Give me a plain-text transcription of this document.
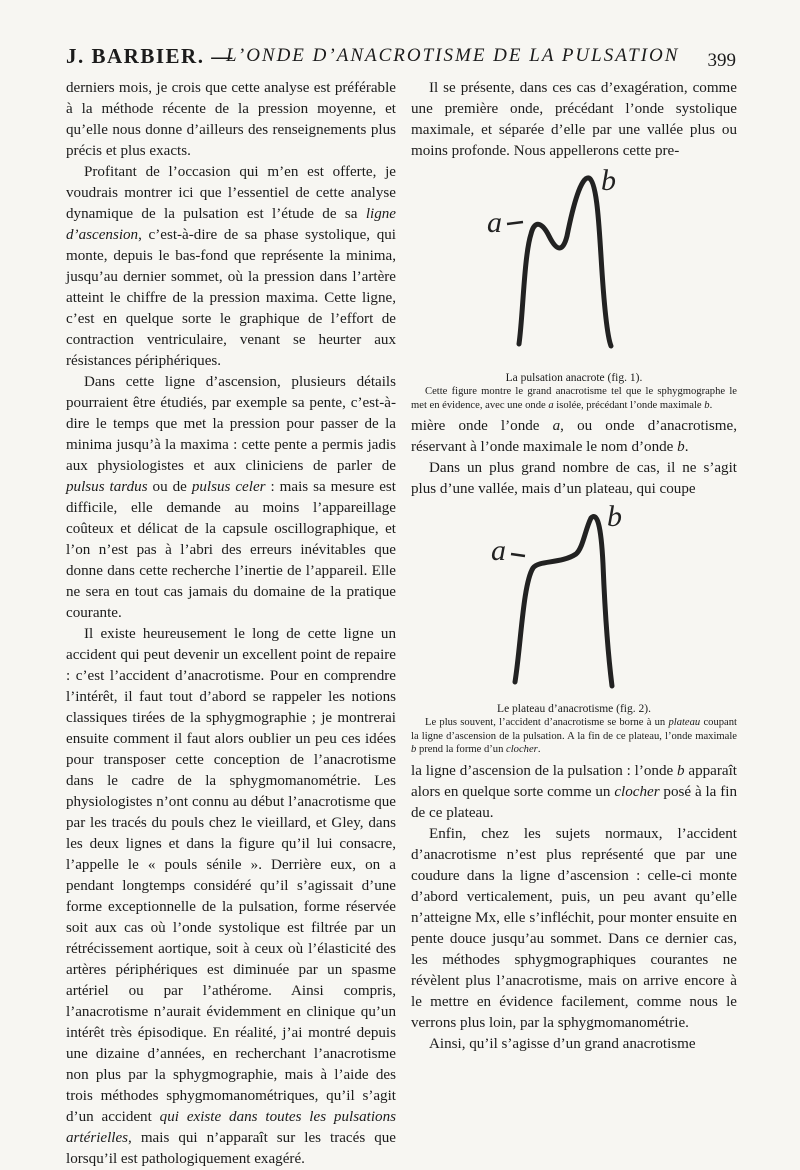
J. BARBIER. —
L’ONDE D’ANACROTISME DE LA PULSATION 399

derniers mois, je crois que cette analyse est préférable à la méthode récente de la pression moyenne, et qu’elle nous donne d’ailleurs des renseignements plus précis et plus exacts.

Profitant de l’occasion qui m’en est offerte, je voudrais montrer ici que l’essentiel de cette analyse dynamique de la pulsation est l’étude de sa ligne d’ascension, c’est-à-dire de sa phase systolique, qui monte, depuis le bas-fond que représente la minima, jusqu’au dernier sommet, où la pression dans l’artère atteint le chiffre de la pression maxima. Cette ligne, c’est en quelque sorte le graphique de l’effort de contraction ventriculaire, venant se heurter aux résistances périphériques.

Dans cette ligne d’ascension, plusieurs détails pourraient être étudiés, par exemple sa pente, c’est-à-dire le temps que met la pression pour passer de la minima jusqu’à la maxima : cette pente a permis jadis aux physiologistes et aux cliniciens de parler de pulsus tardus ou de pulsus celer : mais sa mesure est difficile, elle demande au moins l’appareillage coûteux et délicat de la capsule oscillographique, et l’on n’est pas à l’abri des erreurs inévitables que donne dans cette recherche l’inertie de l’appareil. Elle ne sera en tout cas jamais du domaine de la pratique courante.

Il existe heureusement le long de cette ligne un accident qui peut devenir un excellent point de repaire : c’est l’accident d’anacrotisme. Pour en comprendre l’intérêt, il faut tout d’abord se rappeler les notions classiques tirées de la sphygmographie ; je montrerai ensuite comment il faut alors oublier un peu ces idées pour transposer cette conception de l’anacrotisme dans le cadre de la sphygmomanométrie. Les physiologistes n’ont connu au début l’anacrotisme que par les tracés du pouls chez le vieillard, et Gley, dans les deux lignes et dans la figure qu’il lui consacre, l’appelle le « pouls sénile ». Derrière eux, on a pendant longtemps considéré qu’il s’agissait d’une forme exceptionnelle de la pulsation, forme réservée soit aux cas où l’onde systolique est filtrée par un rétrécissement aortique, soit à ceux où l’élasticité des artères périphériques est diminuée par un spasme artériel ou par l’athérome. Ainsi compris, l’anacrotisme n’aurait évidemment en clinique qu’un intérêt très épisodique. En réalité, j’ai montré depuis une dizaine d’années, en recherchant l’anacrotisme non plus par la sphygmographie, mais à l’aide des trois méthodes sphygmomanométriques, qu’il s’agit d’un accident qui existe dans toutes les pulsations artérielles, mais qui n’apparaît sur les tracés que lorsqu’il est pathologiquement exagéré.

Il se présente, dans ces cas d’exagération, comme une première onde, précédant l’onde systolique maximale, et séparée d’elle par une vallée plus ou moins profonde. Nous appellerons cette pre-

a
b

La pulsation anacrote (fig. 1).

Cette figure montre le grand anacrotisme tel que le sphygmographe le met en évidence, avec une onde a isolée, précédant l’onde maximale b.

mière onde l’onde a, ou onde d’anacrotisme, réservant à l’onde maximale le nom d’onde b.

Dans un plus grand nombre de cas, il ne s’agit plus d’une vallée, mais d’un plateau, qui coupe

a
b

Le plateau d’anacrotisme (fig. 2).

Le plus souvent, l’accident d’anacrotisme se borne à un plateau coupant la ligne d’ascension de la pulsation. A la fin de ce plateau, l’onde maximale b prend la forme d’un clocher.

la ligne d’ascension de la pulsation : l’onde b apparaît alors en quelque sorte comme un clocher posé à la fin de ce plateau.

Enfin, chez les sujets normaux, l’accident d’anacrotisme n’est plus représenté que par une coudure dans la ligne d’ascension : celle-ci monte d’abord verticalement, puis, un peu avant qu’elle n’atteigne Mx, elle s’infléchit, pour monter ensuite en pente douce jusqu’au sommet. Dans ce dernier cas, les méthodes sphygmographiques courantes ne révèlent plus l’anacrotisme, mais on arrive encore à le mettre en évidence facilement, comme nous le verrons plus loin, par la sphygmomanométrie.

Ainsi, qu’il s’agisse d’un grand anacrotisme
